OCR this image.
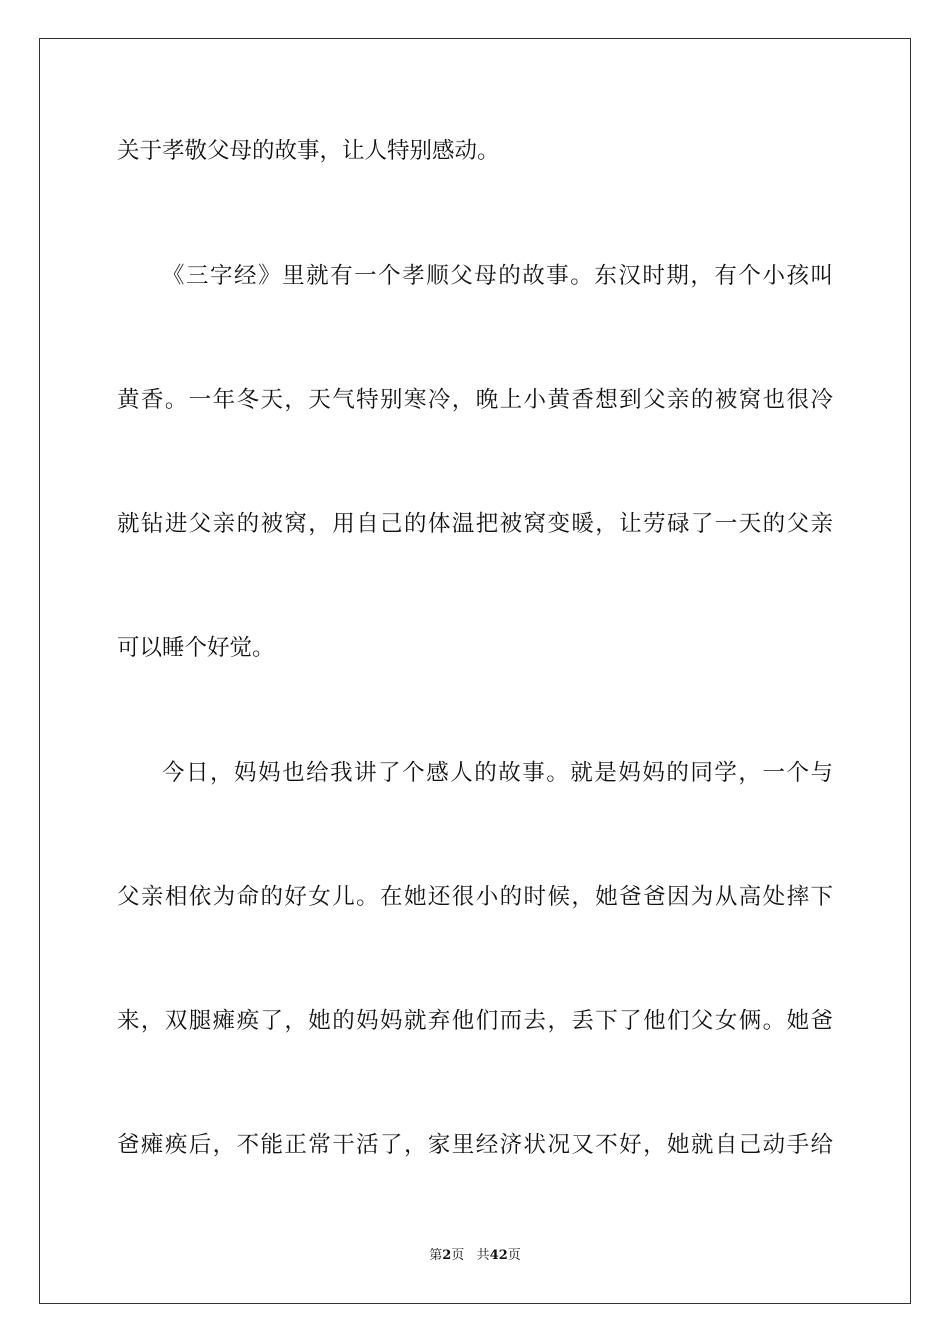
关于孝敬父母的故事，让人特别感动。
《三字经》里就有一个孝顺父母的故事。东汉时期，有个小孩叫
黄香。一年冬天，天气特别寒冷，晚上小黄香想到父亲的被窝也很冷
就钻进父亲的被窝，用自己的体温把被窝变暖，让劳碌了一天的父亲
可以睡个好觉。
今日，妈妈也给我讲了个感人的故事。就是妈妈的同学，一个与
父亲相依为命的好女儿。在她还很小的时候，她爸爸因为从高处摔下
来，双腿瘫痪了，她的妈妈就弃他们而去，丢下了他们父女俩。她爸
爸瘫痪后，不能正常干活了，家里经济状况又不好，她就自己动手给
第2页 共42页
